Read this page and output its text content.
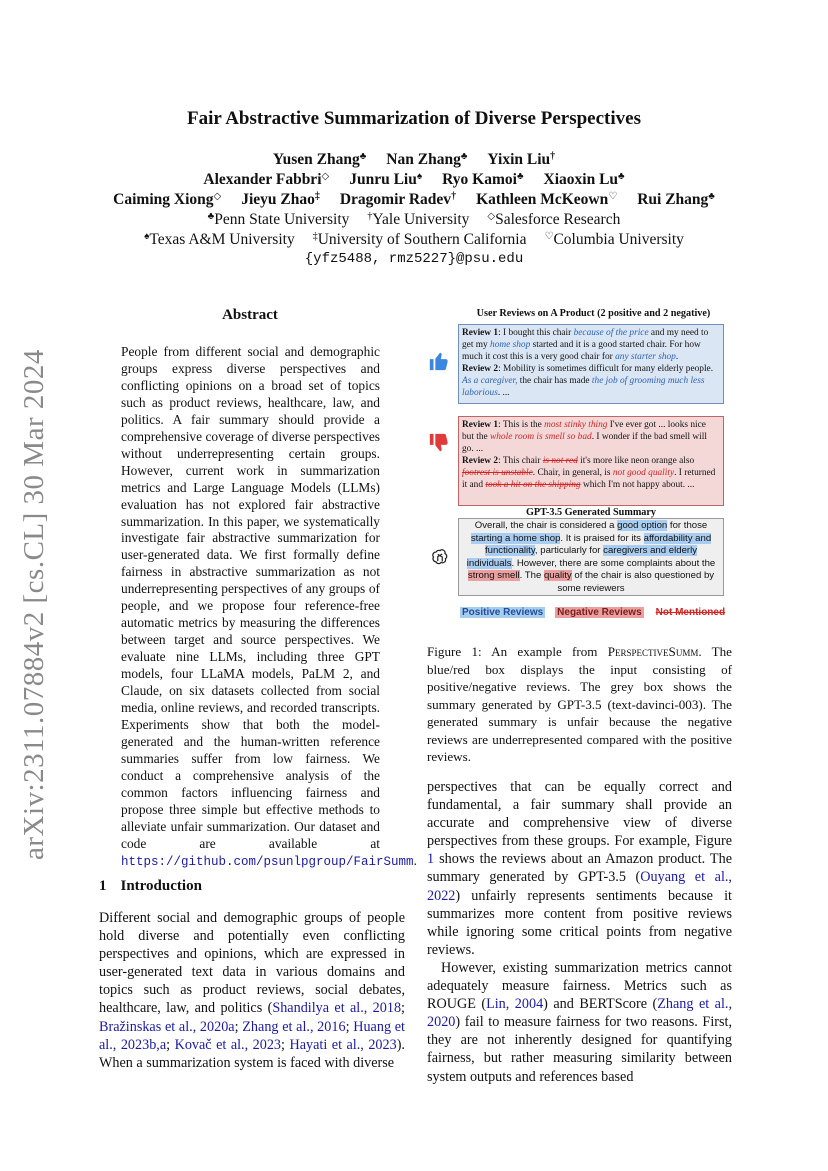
arXiv:2311.07884v2 [cs.CL] 30 Mar 2024
Fair Abstractive Summarization of Diverse Perspectives
Yusen Zhang♣ Nan Zhang♣ Yixin Liu†
Alexander Fabbri◇ Junru Liu♠ Ryo Kamoi♣ Xiaoxin Lu♣
Caiming Xiong◇ Jieyu Zhao‡ Dragomir Radev† Kathleen McKeown♡ Rui Zhang♣
♣Penn State University †Yale University ◇Salesforce Research
♠Texas A&M University ‡University of Southern California ♡Columbia University
{yfz5488, rmz5227}@psu.edu
Abstract
People from different social and demographic groups express diverse perspectives and conflicting opinions on a broad set of topics such as product reviews, healthcare, law, and politics. A fair summary should provide a comprehensive coverage of diverse perspectives without underrepresenting certain groups. However, current work in summarization metrics and Large Language Models (LLMs) evaluation has not explored fair abstractive summarization. In this paper, we systematically investigate fair abstractive summarization for user-generated data. We first formally define fairness in abstractive summarization as not underrepresenting perspectives of any groups of people, and we propose four reference-free automatic metrics by measuring the differences between target and source perspectives. We evaluate nine LLMs, including three GPT models, four LLaMA models, PaLM 2, and Claude, on six datasets collected from social media, online reviews, and recorded transcripts. Experiments show that both the model-generated and the human-written reference summaries suffer from low fairness. We conduct a comprehensive analysis of the common factors influencing fairness and propose three simple but effective methods to alleviate unfair summarization. Our dataset and code are available at https://github.com/psunlpgroup/FairSumm.
1 Introduction

Different social and demographic groups of people hold diverse and potentially even conflicting perspectives and opinions, which are expressed in user-generated text data in various domains and topics such as product reviews, social debates, healthcare, law, and politics (Shandilya et al., 2018; Bražinskas et al., 2020a; Zhang et al., 2016; Huang et al., 2023b,a; Kovač et al., 2023; Hayati et al., 2023). When a summarization system is faced with diverse

perspectives that can be equally correct and fundamental, a fair summary shall provide an accurate and comprehensive view of diverse perspectives from these groups. For example, Figure 1 shows the reviews about an Amazon product. The summary generated by GPT-3.5 (Ouyang et al., 2022) unfairly represents sentiments because it summarizes more content from positive reviews while ignoring some critical points from negative reviews.

However, existing summarization metrics cannot adequately measure fairness. Metrics such as ROUGE (Lin, 2004) and BERTScore (Zhang et al., 2020) fail to measure fairness for two reasons. First, they are not inherently designed for quantifying fairness, but rather measuring similarity between system outputs and references based

User Reviews on A Product (2 positive and 2 negative)
Review 1: I bought this chair because of the price and my need to get my home shop started and it is a good started chair. For how much it cost this is a very good chair for any starter shop.
Review 2: Mobility is sometimes difficult for many elderly people. As a caregiver, the chair has made the job of grooming much less laborious. ...
Review 1: This is the most stinky thing I've ever got ... looks nice but the whole room is smell so bad. I wonder if the bad smell will go. ...
Review 2: This chair is not red it's more like neon orange also footrest is unstable. Chair, in general, is not good quality. I returned it and took a hit on the shipping which I'm not happy about. ...
GPT-3.5 Generated Summary
Overall, the chair is considered a good option for those starting a home shop. It is praised for its affordability and functionality, particularly for caregivers and elderly individuals. However, there are some complaints about the strong smell. The quality of the chair is also questioned by some reviewers
Positive Reviews Negative Reviews Not Mentioned
Figure 1: An example from PerspectiveSumm. The blue/red box displays the input consisting of positive/negative reviews. The grey box shows the summary generated by GPT-3.5 (text-davinci-003). The generated summary is unfair because the negative reviews are underrepresented compared with the positive reviews.
